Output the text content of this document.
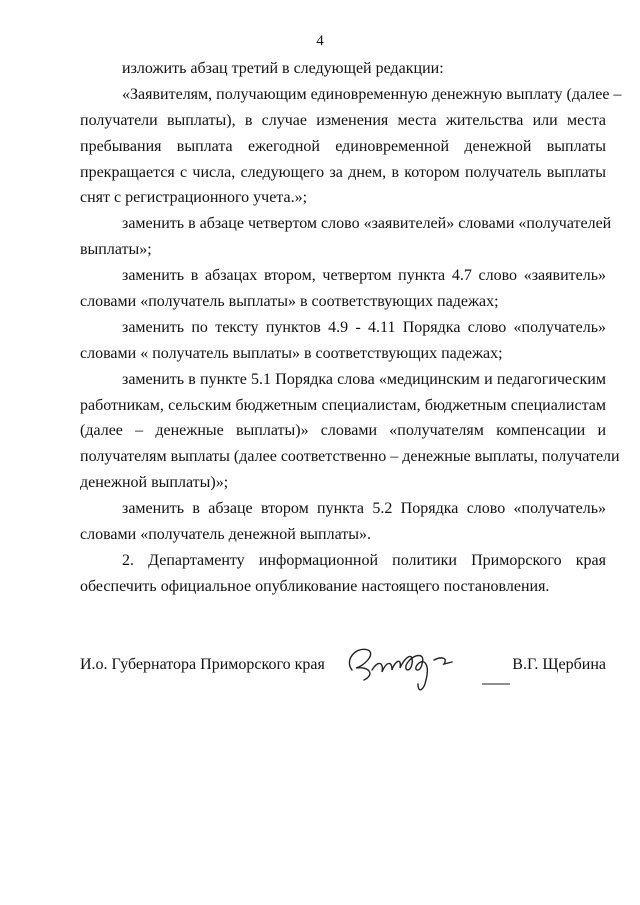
4
изложить абзац третий в следующей редакции:
«Заявителям, получающим единовременную денежную выплату (далее –
получатели выплаты), в случае изменения места жительства или места
пребывания выплата ежегодной единовременной денежной выплаты
прекращается с числа, следующего за днем, в котором получатель выплаты
снят с регистрационного учета.»;
заменить в абзаце четвертом слово «заявителей» словами «получателей
выплаты»;
заменить в абзацах втором, четвертом пункта 4.7 слово «заявитель»
словами «получатель выплаты» в соответствующих падежах;
заменить по тексту пунктов 4.9 - 4.11 Порядка слово «получатель»
словами « получатель выплаты» в соответствующих падежах;
заменить в пункте 5.1 Порядка слова «медицинским и педагогическим
работникам, сельским бюджетным специалистам, бюджетным специалистам
(далее – денежные выплаты)» словами «получателям компенсации и
получателям выплаты (далее соответственно – денежные выплаты, получатели
денежной выплаты)»;
заменить в абзаце втором пункта 5.2 Порядка слово «получатель»
словами «получатель денежной выплаты».
2. Департаменту информационной политики Приморского края
обеспечить официальное опубликование настоящего постановления.
И.о. Губернатора Приморского края	В.Г. Щербина
